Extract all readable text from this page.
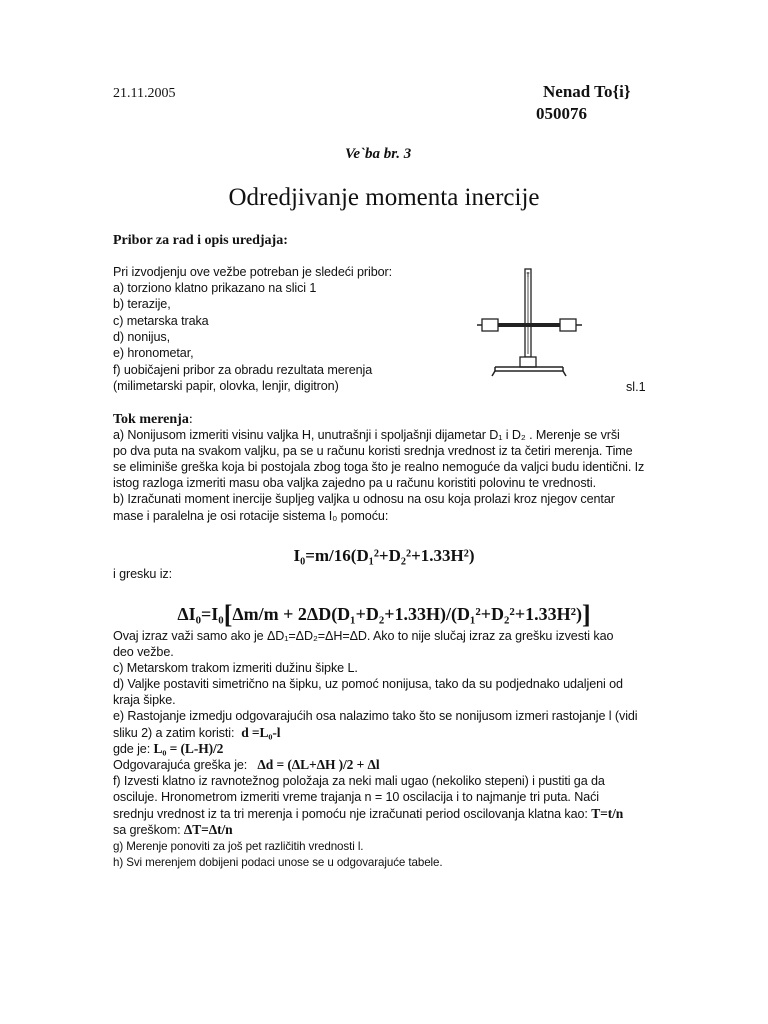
21.11.2005	Nenad To{i}
050076
Ve`ba br. 3
Odredjivanje momenta inercije
Pribor za rad i opis uredjaja:
Pri izvodjenju ove vežbe potreban je sledeći pribor:
a) torziono klatno prikazano na slici 1
b) terazije,
c) metarska traka
d) nonijus,
e) hronometar,
f) uobičajeni pribor za obradu rezultata merenja
(milimetarski papir, olovka, lenjir, digitron)	sl.1
Tok merenja:
a) Nonijusom izmeriti visinu valjka H, unutrašnji i spoljašnji dijametar D₁ i D₂ . Merenje se vrši
po dva puta na svakom valjku, pa se u računu koristi srednja vrednost iz ta četiri merenja. Time
se eliminiše greška koja bi postojala zbog toga što je realno nemoguće da valjci budu identični. Iz
istog razloga izmeriti masu oba valjka zajedno pa u računu koristiti polovinu te vrednosti.
b) Izračunati moment inercije šupljeg valjka u odnosu na osu koja prolazi kroz njegov centar
mase i paralelna je osi rotacije sistema I₀ pomoću:
I₀=m/16(D₁²+D₂²+1.33H²)
i gresku iz:
ΔI₀=I₀[Δm/m + 2ΔD(D₁+D₂+1.33H)/(D₁²+D₂²+1.33H²)]
Ovaj izraz važi samo ako je ΔD₁=ΔD₂=ΔH=ΔD. Ako to nije slučaj izraz za grešku izvesti kao
deo vežbe.
c) Metarskom trakom izmeriti dužinu šipke L.
d) Valjke postaviti simetrično na šipku, uz pomoć nonijusa, tako da su podjednako udaljeni od
kraja šipke.
e) Rastojanje izmedju odgovarajućih osa nalazimo tako što se nonijusom izmeri rastojanje l (vidi
sliku 2) a zatim koristi: d =L₀-l
gde je: L₀ = (L-H)/2
Odgovarajuća greška je: Δd = (ΔL+ΔH )/2 + Δl
f) Izvesti klatno iz ravnotežnog položaja za neki mali ugao (nekoliko stepeni) i pustiti ga da
osciluje. Hronometrom izmeriti vreme trajanja n = 10 oscilacija i to najmanje tri puta. Naći
srednju vrednost iz ta tri merenja i pomoću nje izračunati period oscilovanja klatna kao: T=t/n
sa greškom: ΔT=Δt/n
g) Merenje ponoviti za još pet različitih vrednosti l.
h) Svi merenjem dobijeni podaci unose se u odgovarajuće tabele.
